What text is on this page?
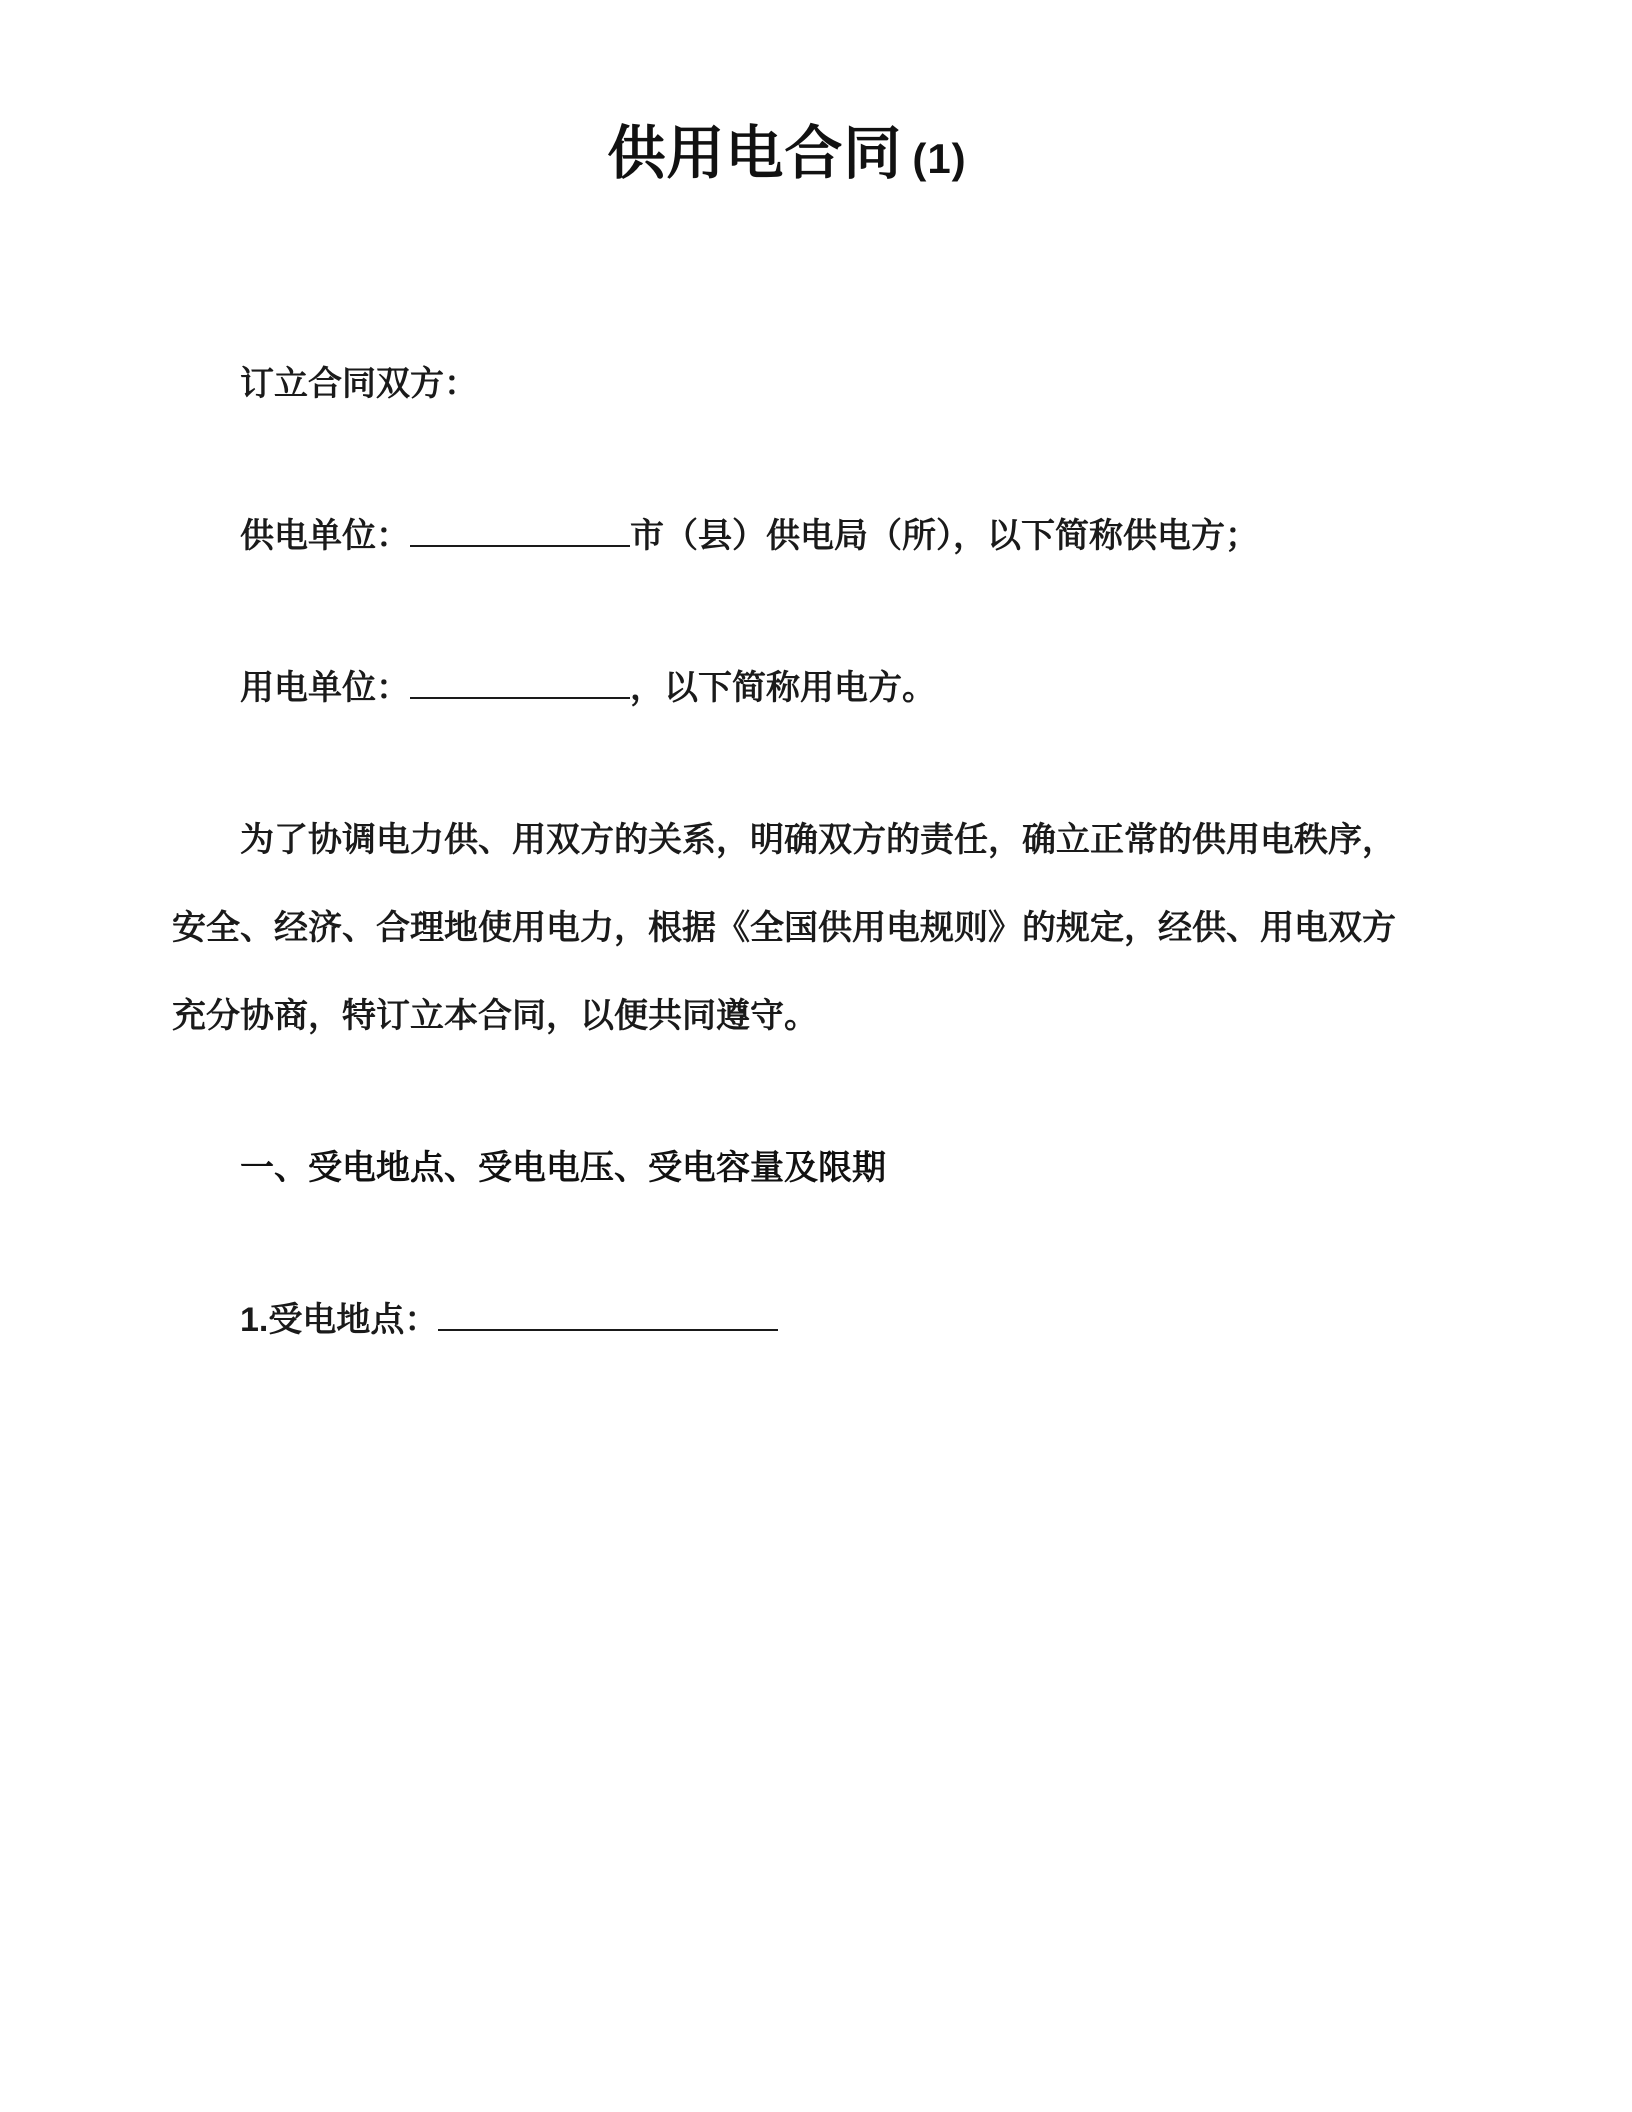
供用电合同 (1)

订立合同双方：

供电单位：	市（县）供电局（所），以下简称供电方；

用电单位：	，以下简称用电方。

为了协调电力供、用双方的关系，明确双方的责任，确立正常的供用电秩序，安全、经济、合理地使用电力，根据《全国供用电规则》的规定，经供、用电双方充分协商，特订立本合同，以便共同遵守。

一、受电地点、受电电压、受电容量及限期

1.受电地点：
